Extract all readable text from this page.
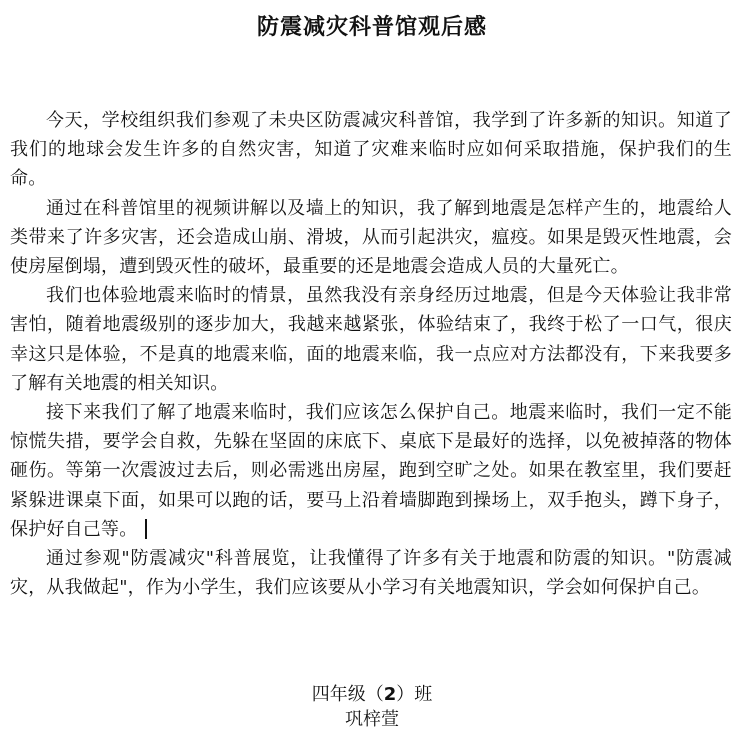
防震减灾科普馆观后感

今天，学校组织我们参观了未央区防震减灾科普馆，我学到了许多新的知识。知道了我们的地球会发生许多的自然灾害，知道了灾难来临时应如何采取措施，保护我们的生命。

通过在科普馆里的视频讲解以及墙上的知识，我了解到地震是怎样产生的，地震给人类带来了许多灾害，还会造成山崩、滑坡，从而引起洪灾，瘟疫。如果是毁灭性地震，会使房屋倒塌，遭到毁灭性的破坏，最重要的还是地震会造成人员的大量死亡。

我们也体验地震来临时的情景，虽然我没有亲身经历过地震，但是今天体验让我非常害怕，随着地震级别的逐步加大，我越来越紧张，体验结束了，我终于松了一口气，很庆幸这只是体验，不是真的地震来临，面的地震来临，我一点应对方法都没有，下来我要多了解有关地震的相关知识。

接下来我们了解了地震来临时，我们应该怎么保护自己。地震来临时，我们一定不能惊慌失措，要学会自救，先躲在坚固的床底下、桌底下是最好的选择，以免被掉落的物体砸伤。等第一次震波过去后，则必需逃出房屋，跑到空旷之处。如果在教室里，我们要赶紧躲进课桌下面，如果可以跑的话，要马上沿着墙脚跑到操场上，双手抱头，蹲下身子，保护好自己等。

通过参观"防震减灾"科普展览，让我懂得了许多有关于地震和防震的知识。"防震减灾，从我做起"，作为小学生，我们应该要从小学习有关地震知识，学会如何保护自己。

四年级（2）班
巩梓萱
